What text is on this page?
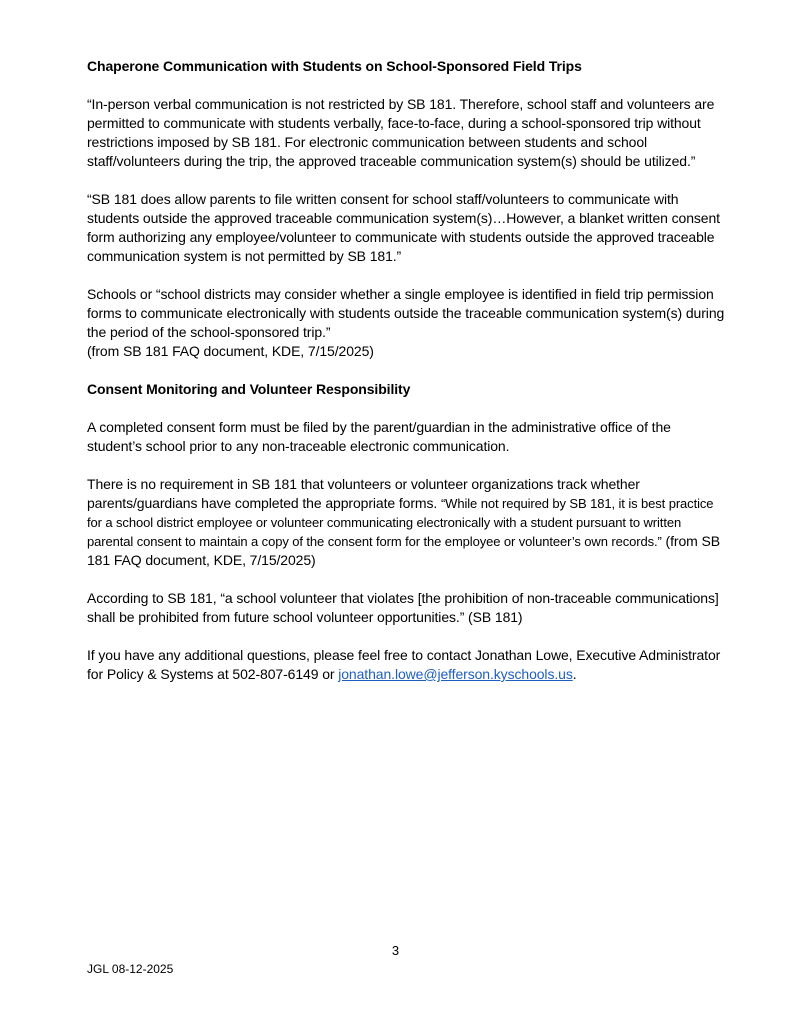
Chaperone Communication with Students on School-Sponsored Field Trips

“In-person verbal communication is not restricted by SB 181. Therefore, school staff and volunteers are permitted to communicate with students verbally, face-to-face, during a school-sponsored trip without restrictions imposed by SB 181. For electronic communication between students and school staff/volunteers during the trip, the approved traceable communication system(s) should be utilized.”

“SB 181 does allow parents to file written consent for school staff/volunteers to communicate with students outside the approved traceable communication system(s)…However, a blanket written consent form authorizing any employee/volunteer to communicate with students outside the approved traceable communication system is not permitted by SB 181.”

Schools or “school districts may consider whether a single employee is identified in field trip permission forms to communicate electronically with students outside the traceable communication system(s) during the period of the school-sponsored trip.”
(from SB 181 FAQ document, KDE, 7/15/2025)

Consent Monitoring and Volunteer Responsibility

A completed consent form must be filed by the parent/guardian in the administrative office of the student’s school prior to any non-traceable electronic communication.

There is no requirement in SB 181 that volunteers or volunteer organizations track whether parents/guardians have completed the appropriate forms. “While not required by SB 181, it is best practice for a school district employee or volunteer communicating electronically with a student pursuant to written parental consent to maintain a copy of the consent form for the employee or volunteer’s own records.” (from SB 181 FAQ document, KDE, 7/15/2025)

According to SB 181, “a school volunteer that violates [the prohibition of non-traceable communications] shall be prohibited from future school volunteer opportunities.” (SB 181)

If you have any additional questions, please feel free to contact Jonathan Lowe, Executive Administrator for Policy & Systems at 502-807-6149 or jonathan.lowe@jefferson.kyschools.us.

3
JGL 08-12-2025
